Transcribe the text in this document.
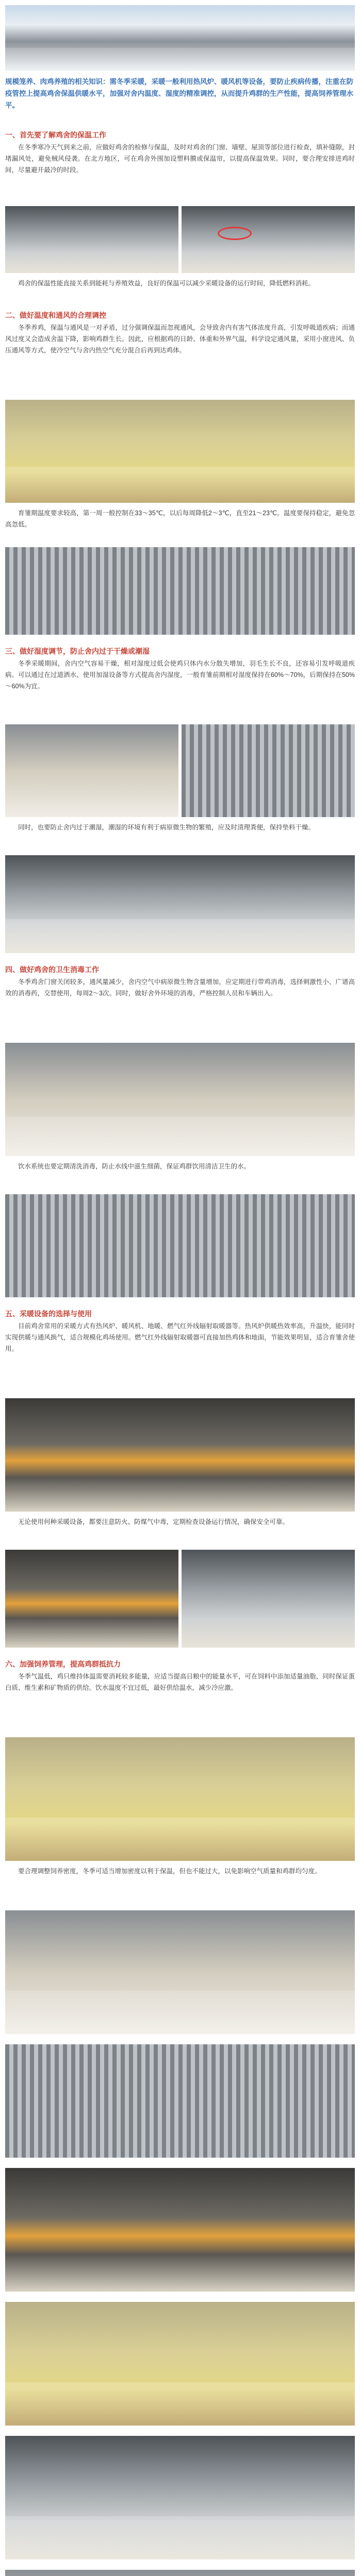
规模笼养、肉鸡养殖的相关知识：需冬季采暖，采暖一般利用热风炉、暖风机等设备，要防止疾病传播，注重在防疫管控上提高鸡舍保温供暖水平，加强对舍内温度、湿度的精准调控，从而提升鸡群的生产性能，提高饲养管理水平。
一、首先要了解鸡舍的保温工作
在冬季寒冷天气到来之前，应做好鸡舍的检修与保温，及时对鸡舍的门窗、墙壁、屋顶等部位进行检查，填补缝隙，封堵漏风处，避免贼风侵袭。在北方地区，可在鸡舍外围加设塑料膜或保温帘，以提高保温效果。同时，要合理安排进鸡时间，尽量避开最冷的时段。
鸡舍的保温性能直接关系到能耗与养殖效益，良好的保温可以减少采暖设备的运行时间，降低燃料消耗。
二、做好温度和通风的合理调控
冬季养鸡，保温与通风是一对矛盾，过分强调保温而忽视通风，会导致舍内有害气体浓度升高，引发呼吸道疾病；而通风过度又会造成舍温下降，影响鸡群生长。因此，应根据鸡的日龄、体重和外界气温，科学设定通风量，采用小窗进风、负压通风等方式，使冷空气与舍内热空气充分混合后再到达鸡体。
育雏期温度要求较高，第一周一般控制在33～35℃，以后每周降低2～3℃，直至21～23℃。温度要保持稳定，避免忽高忽低。
三、做好湿度调节，防止舍内过于干燥或潮湿
冬季采暖期间，舍内空气容易干燥，相对湿度过低会使鸡只体内水分散失增加，羽毛生长不良，还容易引发呼吸道疾病。可以通过在过道洒水、使用加湿设备等方式提高舍内湿度，一般育雏前期相对湿度保持在60%～70%，后期保持在50%～60%为宜。
同时，也要防止舍内过于潮湿，潮湿的环境有利于病原微生物的繁殖，应及时清理粪便，保持垫料干燥。
四、做好鸡舍的卫生消毒工作
冬季鸡舍门窗关闭较多，通风量减少，舍内空气中病原微生物含量增加，应定期进行带鸡消毒，选择刺激性小、广谱高效的消毒药，交替使用，每周2～3次。同时，做好舍外环境的消毒，严格控制人员和车辆出入。
饮水系统也要定期清洗消毒，防止水线中滋生细菌，保证鸡群饮用清洁卫生的水。
五、采暖设备的选择与使用
目前鸡舍常用的采暖方式有热风炉、暖风机、地暖、燃气红外线辐射取暖器等。热风炉供暖热效率高，升温快，能同时实现供暖与通风换气，适合规模化鸡场使用。燃气红外线辐射取暖器可直接加热鸡体和地面，节能效果明显，适合育雏舍使用。
无论使用何种采暖设备，都要注意防火、防煤气中毒，定期检查设备运行情况，确保安全可靠。
六、加强饲养管理，提高鸡群抵抗力
冬季气温低，鸡只维持体温需要消耗较多能量，应适当提高日粮中的能量水平，可在饲料中添加适量油脂，同时保证蛋白质、维生素和矿物质的供给。饮水温度不宜过低，最好供给温水，减少冷应激。
要合理调整饲养密度，冬季可适当增加密度以利于保温，但也不能过大，以免影响空气质量和鸡群均匀度。
